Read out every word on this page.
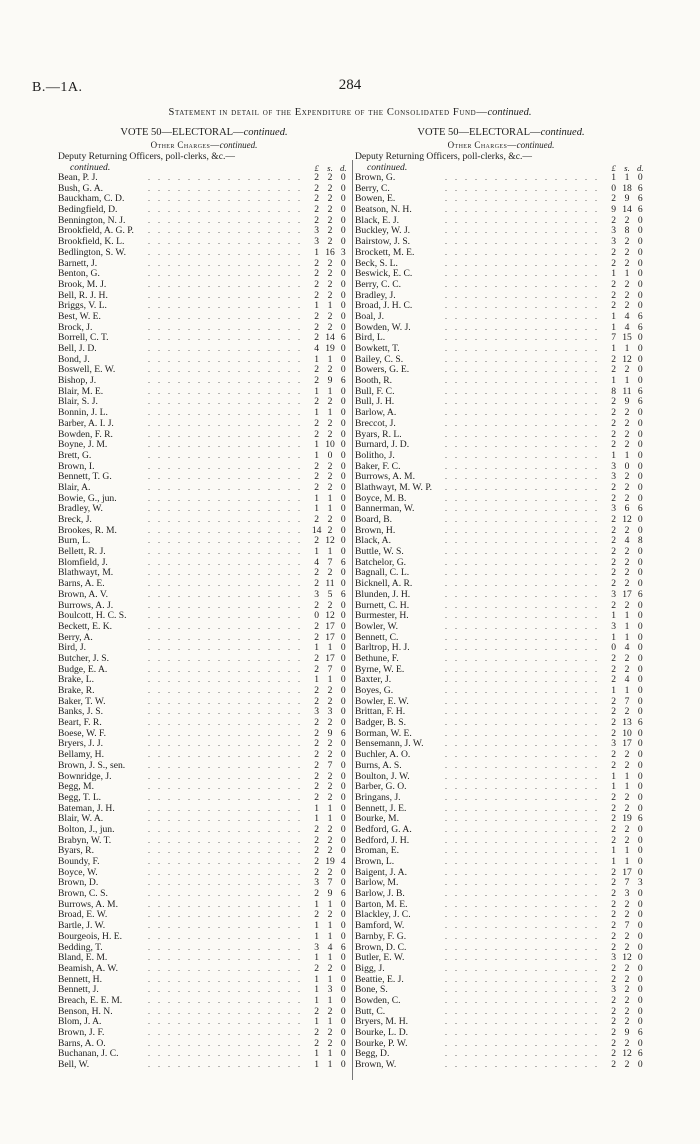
B.—1A.	284
Statement in detail of the Expenditure of the Consolidated Fund—continued.
VOTE 50—ELECTORAL—continued.
Other Charges—continued.
Deputy Returning Officers, poll-clerks, &c.—
continued.	£ s. d.
. .
Bean, P. J.	2 2 0
. .
Bush, G. A.	2 2 0
. .
Bauckham, C. D.	2 2 0
. .
Bedingfield, D.	2 2 0
. .
Bennington, N. J.	2 2 0
. .
Brookfield, A. G. P.	3 2 0
. .
Brookfield, K. L.	3 2 0
. .
Bedlington, S. W.	1 16 3
. .
Barnett, J.	2 2 0
. .
Benton, G.	2 2 0
. .
Brook, M. J.	2 2 0
. .
Bell, R. J. H.	2 2 0
. .
Briggs, V. L.	1 1 0
. .
Best, W. E.	2 2 0
. .
Brock, J.	2 2 0
. .
Borrell, C. T.	2 14 6
. .
Bell, J. D.	4 19 0
. .
Bond, J.	1 1 0
. .
Boswell, E. W.	2 2 0
. .
Bishop, J.	2 9 6
. .
Blair, M. E.	1 1 0
. .
Blair, S. J.	2 2 0
. .
Bonnin, J. L.	1 1 0
. .
Barber, A. I. J.	2 2 0
. .
Bowden, F. R.	2 2 0
. .
Boyne, J. M.	1 10 0
. .
Brett, G.	1 0 0
. .
Brown, I.	2 2 0
. .
Bennett, T. G.	2 2 0
. .
Blair, A.	2 2 0
. .
Bowie, G., jun.	1 1 0
. .
Bradley, W.	1 1 0
. .
Breck, J.	2 2 0
. .
Brookes, R. M.	14 2 0
. .
Burn, L.	2 12 0
. .
Bellett, R. J.	1 1 0
. .
Blomfield, J.	4 7 6
. .
Blathwayt, M.	2 2 0
. .
Barns, A. E.	2 11 0
. .
Brown, A. V.	3 5 6
. .
Burrows, A. J.	2 2 0
. .
Boulcott, H. C. S.	0 12 0
. .
Beckett, E. K.	2 17 0
. .
Berry, A.	2 17 0
. .
Bird, J.	1 1 0
. .
Butcher, J. S.	2 17 0
. .
Budge, E. A.	2 7 0
. .
Brake, L.	1 1 0
. .
Brake, R.	2 2 0
. .
Baker, T. W.	2 2 0
. .
Banks, J. S.	3 3 0
. .
Beart, F. R.	2 2 0
. .
Boese, W. F.	2 9 6
. .
Bryers, J. J.	2 2 0
. .
Bellamy, H.	2 2 0
. .
Brown, J. S., sen.	2 7 0
. .
Bownridge, J.	2 2 0
. .
Begg, M.	2 2 0
. .
Begg, T. L.	2 2 0
. .
Bateman, J. H.	1 1 0
. .
Blair, W. A.	1 1 0
. .
Bolton, J., jun.	2 2 0
. .
Brabyn, W. T.	2 2 0
. .
Byars, R.	2 2 0
. .
Boundy, F.	2 19 4
. .
Boyce, W.	2 2 0
. .
Brown, D.	3 7 0
. .
Brown, C. S.	2 9 6
. .
Burrows, A. M.	1 1 0
. .
Broad, E. W.	2 2 0
. .
Bartle, J. W.	1 1 0
. .
Bourgeois, H. E.	1 1 0
. .
Bedding, T.	3 4 6
. .
Bland, E. M.	1 1 0
. .
Beamish, A. W.	2 2 0
. .
Bennett, H.	1 1 0
. .
Bennett, J.	1 3 0
. .
Breach, E. E. M.	1 1 0
. .
Benson, H. N.	2 2 0
. .
Blom, J. A.	1 1 0
. .
Brown, J. F.	2 2 0
. .
Barns, A. O.	2 2 0
. .
Buchanan, J. C.	1 1 0
. .
Bell, W.	1 1 0
VOTE 50—ELECTORAL—continued.
Other Charges—continued.
Deputy Returning Officers, poll-clerks, &c.—
continued.	£ s. d.
. .
Brown, G.	1 1 0
. .
Berry, C.	0 18 6
. .
Bowen, E.	2 9 6
. .
Beatson, N. H.	9 14 6
. .
Black, E. J.	2 2 0
. .
Buckley, W. J.	3 8 0
. .
Bairstow, J. S.	3 2 0
. .
Brockett, M. E.	2 2 0
. .
Beck, S. L.	2 2 0
. .
Beswick, E. C.	1 1 0
. .
Berry, C. C.	2 2 0
. .
Bradley, J.	2 2 0
. .
Broad, J. H. C.	2 2 0
. .
Boal, J.	1 4 6
. .
Bowden, W. J.	1 4 6
. .
Bird, L.	7 15 0
. .
Bowkett, T.	1 1 0
. .
Bailey, C. S.	2 12 0
. .
Bowers, G. E.	2 2 0
. .
Booth, R.	1 1 0
. .
Bull, F. C.	8 11 6
. .
Bull, J. H.	2 9 6
. .
Barlow, A.	2 2 0
. .
Breccot, J.	2 2 0
. .
Byars, R. L.	2 2 0
. .
Burnard, J. D.	2 2 0
. .
Bolitho, J.	1 1 0
. .
Baker, F. C.	3 0 0
. .
Burrows, A. M.	3 2 0
. .
Blathwayt, M. W. P.	2 2 0
. .
Boyce, M. B.	2 2 0
. .
Bannerman, W.	3 6 6
. .
Board, B.	2 12 0
. .
Brown, H.	2 2 0
. .
Black, A.	2 4 8
. .
Buttle, W. S.	2 2 0
. .
Batchelor, G.	2 2 0
. .
Bagnall, C. L.	2 2 0
. .
Bicknell, A. R.	2 2 0
. .
Blunden, J. H.	3 17 6
. .
Burnett, C. H.	2 2 0
. .
Burmester, H.	1 1 0
. .
Bowler, W.	3 1 0
. .
Bennett, C.	1 1 0
. .
Barltrop, H. J.	0 4 0
. .
Bethune, F.	2 2 0
. .
Byrne, W. E.	2 2 0
. .
Baxter, J.	2 4 0
. .
Boyes, G.	1 1 0
. .
Bowler, E. W.	2 7 0
. .
Brittan, F. H.	2 2 0
. .
Badger, B. S.	2 13 6
. .
Borman, W. E.	2 10 0
. .
Bensemann, J. W.	3 17 0
. .
Buchler, A. O.	2 2 0
. .
Burns, A. S.	2 2 0
. .
Boulton, J. W.	1 1 0
. .
Barber, G. O.	1 1 0
. .
Bringans, J.	2 2 0
. .
Bennett, J. E.	2 2 0
. .
Bourke, M.	2 19 6
. .
Bedford, G. A.	2 2 0
. .
Bedford, J. H.	2 2 0
. .
Broman, E.	1 1 0
. .
Brown, L.	1 1 0
. .
Baigent, J. A.	2 17 0
. .
Barlow, M.	2 7 3
. .
Barlow, J. B.	2 3 0
. .
Barton, M. E.	2 2 0
. .
Blackley, J. C.	2 2 0
. .
Bamford, W.	2 7 0
. .
Barnby, F. G.	2 2 0
. .
Brown, D. C.	2 2 0
. .
Butler, E. W.	3 12 0
. .
Bigg, J.	2 2 0
. .
Beattie, E. J.	2 2 0
. .
Bone, S.	3 2 0
. .
Bowden, C.	2 2 0
. .
Butt, C.	2 2 0
. .
Bryers, M. H.	2 2 0
. .
Bourke, L. D.	2 9 6
. .
Bourke, P. W.	2 2 0
. .
Begg, D.	2 12 6
. .
Brown, W.	2 2 0
